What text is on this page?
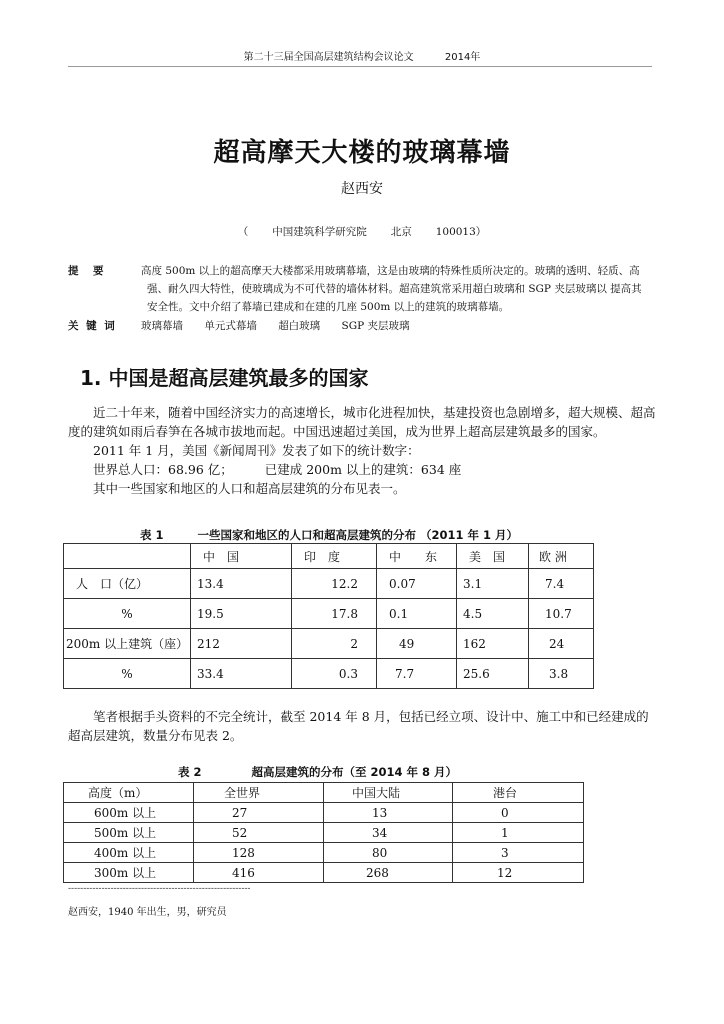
第二十三届全国高层建筑结构会议论文	2014年
超高摩天大楼的玻璃幕墙
赵西安
（ 中国建筑科学研究院 北京 100013）
提　要	高度 500m 以上的超高摩天大楼都采用玻璃幕墙，这是由玻璃的特殊性质所决定的。玻璃的透明、轻质、高
强、耐久四大特性，使玻璃成为不可代替的墙体材料。超高建筑常采用超白玻璃和 SGP 夹层玻璃以 提高其
安全性。文中介绍了幕墙已建成和在建的几座 500m 以上的建筑的玻璃幕墙。
关 键 词 玻璃幕墙 单元式幕墙 超白玻璃 SGP 夹层玻璃
1. 中国是超高层建筑最多的国家
近二十年来，随着中国经济实力的高速增长，城市化进程加快，基建投资也急剧增多，超大规模、超高度的建筑如雨后春笋在各城市拔地而起。中国迅速超过美国，成为世界上超高层建筑最多的国家。
2011 年 1 月，美国《新闻周刊》发表了如下的统计数字：
世界总人口：68.96 亿；	已建成 200m 以上的建筑：634 座
其中一些国家和地区的人口和超高层建筑的分布见表一。
表 1	一些国家和地区的人口和超高层建筑的分布 （2011 年 1 月）
	中　国	印　度	中　　东	美　国	欧 洲
人　口（亿）	13.4	12.2	0.07	3.1	7.4
%	19.5	17.8	0.1	4.5	10.7
200m 以上建筑（座）	212	2	49	162	24
%	33.4	0.3	7.7	25.6	3.8
笔者根据手头资料的不完全统计，截至 2014 年 8 月，包括已经立项、设计中、施工中和已经建成的超高层建筑，数量分布见表 2。
表 2	超高层建筑的分布（至 2014 年 8 月）
高度（m）	全世界	中国大陆	港台
600m 以上	27	13	0
500m 以上	52	34	1
400m 以上	128	80	3
300m 以上	416	268	12
------------------------------------------------------------
赵西安，1940 年出生，男，研究员
